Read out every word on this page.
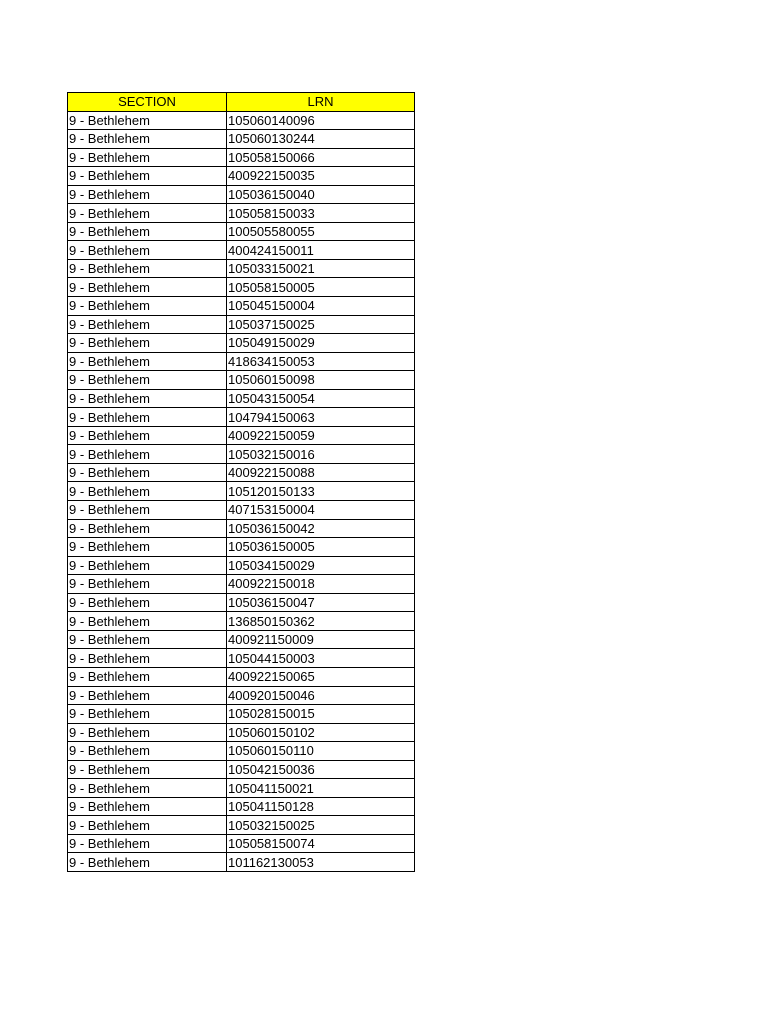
SECTION	LRN
9 - Bethlehem	105060140096
9 - Bethlehem	105060130244
9 - Bethlehem	105058150066
9 - Bethlehem	400922150035
9 - Bethlehem	105036150040
9 - Bethlehem	105058150033
9 - Bethlehem	100505580055
9 - Bethlehem	400424150011
9 - Bethlehem	105033150021
9 - Bethlehem	105058150005
9 - Bethlehem	105045150004
9 - Bethlehem	105037150025
9 - Bethlehem	105049150029
9 - Bethlehem	418634150053
9 - Bethlehem	105060150098
9 - Bethlehem	105043150054
9 - Bethlehem	104794150063
9 - Bethlehem	400922150059
9 - Bethlehem	105032150016
9 - Bethlehem	400922150088
9 - Bethlehem	105120150133
9 - Bethlehem	407153150004
9 - Bethlehem	105036150042
9 - Bethlehem	105036150005
9 - Bethlehem	105034150029
9 - Bethlehem	400922150018
9 - Bethlehem	105036150047
9 - Bethlehem	136850150362
9 - Bethlehem	400921150009
9 - Bethlehem	105044150003
9 - Bethlehem	400922150065
9 - Bethlehem	400920150046
9 - Bethlehem	105028150015
9 - Bethlehem	105060150102
9 - Bethlehem	105060150110
9 - Bethlehem	105042150036
9 - Bethlehem	105041150021
9 - Bethlehem	105041150128
9 - Bethlehem	105032150025
9 - Bethlehem	105058150074
9 - Bethlehem	101162130053
